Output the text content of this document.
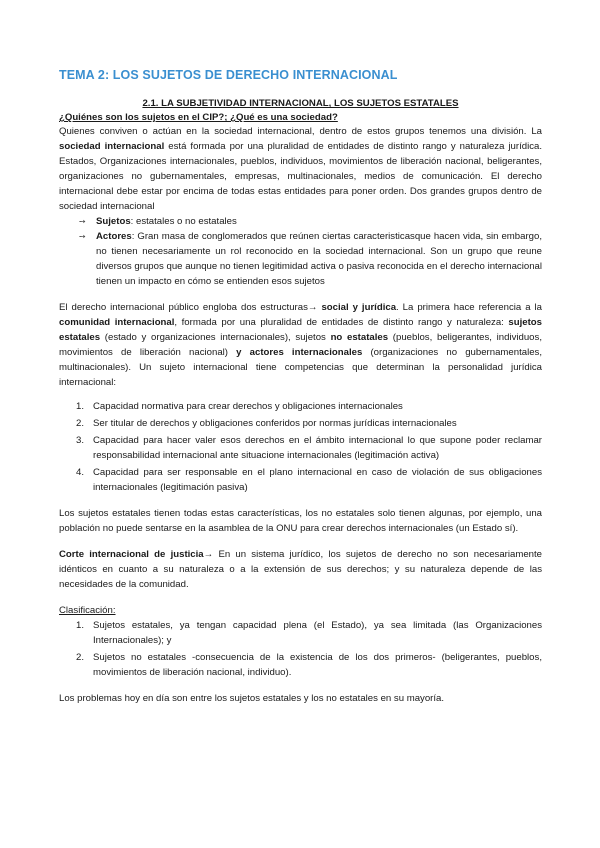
TEMA 2: LOS SUJETOS DE DERECHO INTERNACIONAL
2.1. LA SUBJETIVIDAD INTERNACIONAL, LOS SUJETOS ESTATALES
¿Quiénes son los sujetos en el CIP?; ¿Qué es una sociedad?

Quienes conviven o actúan en la sociedad internacional, dentro de estos grupos tenemos una división. La sociedad internacional está formada por una pluralidad de entidades de distinto rango y naturaleza jurídica. Estados, Organizaciones internacionales, pueblos, individuos, movimientos de liberación nacional, beligerantes, organizaciones no gubernamentales, empresas, multinacionales, medios de comunicación. El derecho internacional debe estar por encima de todas estas entidades para poner orden. Dos grandes grupos dentro de sociedad internacional

➙ Sujetos: estatales o no estatales
➙ Actores: Gran masa de conglomerados que reúnen ciertas caracteristicasque hacen vida, sin embargo, no tienen necesariamente un rol reconocido en la sociedad internacional. Son un grupo que reune diversos grupos que aunque no tienen legitimidad activa o pasiva reconocida en el derecho internacional tienen un impacto en cómo se entienden esos sujetos

El derecho internacional público engloba dos estructuras→ social y jurídica. La primera hace referencia a la comunidad internacional, formada por una pluralidad de entidades de distinto rango y naturaleza: sujetos estatales (estado y organizaciones internacionales), sujetos no estatales (pueblos, beligerantes, individuos, movimientos de liberación nacional) y actores internacionales (organizaciones no gubernamentales, multinacionales). Un sujeto internacional tiene competencias que determinan la personalidad jurídica internacional:

1. Capacidad normativa para crear derechos y obligaciones internacionales
2. Ser titular de derechos y obligaciones conferidos por normas jurídicas internacionales
3. Capacidad para hacer valer esos derechos en el ámbito internacional lo que supone poder reclamar responsabilidad internacional ante situacione internacionales (legitimación activa)
4. Capacidad para ser responsable en el plano internacional en caso de violación de sus obligaciones internacionales (legitimación pasiva)

Los sujetos estatales tienen todas estas características, los no estatales solo tienen algunas, por ejemplo, una población no puede sentarse en la asamblea de la ONU para crear derechos internacionales (un Estado sí).

Corte internacional de justicia→ En un sistema jurídico, los sujetos de derecho no son necesariamente idénticos en cuanto a su naturaleza o a la extensión de sus derechos; y su naturaleza depende de las necesidades de la comunidad.

Clasificación:
1. Sujetos estatales, ya tengan capacidad plena (el Estado), ya sea limitada (las Organizaciones Internacionales); y
2. Sujetos no estatales -consecuencia de la existencia de los dos primeros- (beligerantes, pueblos, movimientos de liberación nacional, individuo).

Los problemas hoy en día son entre los sujetos estatales y los no estatales en su mayoría.
